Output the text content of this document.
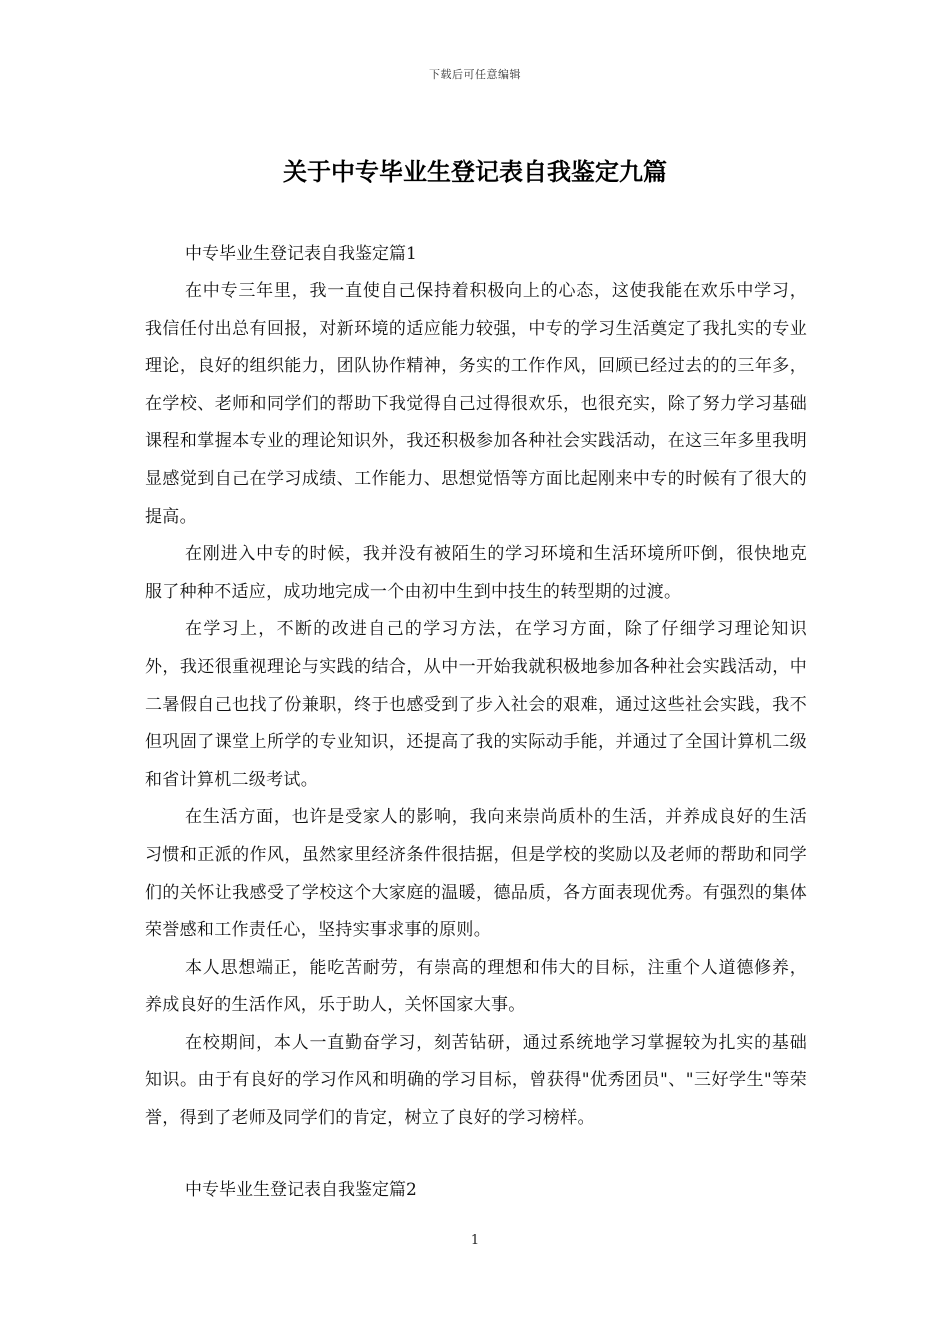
下载后可任意编辑
关于中专毕业生登记表自我鉴定九篇

中专毕业生登记表自我鉴定篇1

在中专三年里，我一直使自己保持着积极向上的心态，这使我能在欢乐中学习，我信任付出总有回报，对新环境的适应能力较强，中专的学习生活奠定了我扎实的专业理论，良好的组织能力，团队协作精神，务实的工作作风，回顾已经过去的的三年多，在学校、老师和同学们的帮助下我觉得自己过得很欢乐，也很充实，除了努力学习基础课程和掌握本专业的理论知识外，我还积极参加各种社会实践活动，在这三年多里我明显感觉到自己在学习成绩、工作能力、思想觉悟等方面比起刚来中专的时候有了很大的提高。

在刚进入中专的时候，我并没有被陌生的学习环境和生活环境所吓倒，很快地克服了种种不适应，成功地完成一个由初中生到中技生的转型期的过渡。

在学习上，不断的改进自己的学习方法，在学习方面，除了仔细学习理论知识外，我还很重视理论与实践的结合，从中一开始我就积极地参加各种社会实践活动，中二暑假自己也找了份兼职，终于也感受到了步入社会的艰难，通过这些社会实践，我不但巩固了课堂上所学的专业知识，还提高了我的实际动手能，并通过了全国计算机二级和省计算机二级考试。

在生活方面，也许是受家人的影响，我向来崇尚质朴的生活，并养成良好的生活习惯和正派的作风，虽然家里经济条件很拮据，但是学校的奖励以及老师的帮助和同学们的关怀让我感受了学校这个大家庭的温暖，德品质，各方面表现优秀。有强烈的集体荣誉感和工作责任心，坚持实事求事的原则。

本人思想端正，能吃苦耐劳，有崇高的理想和伟大的目标，注重个人道德修养，养成良好的生活作风，乐于助人，关怀国家大事。

在校期间，本人一直勤奋学习，刻苦钻研，通过系统地学习掌握较为扎实的基础知识。由于有良好的学习作风和明确的学习目标，曾获得"优秀团员"、"三好学生"等荣誉，得到了老师及同学们的肯定，树立了良好的学习榜样。

中专毕业生登记表自我鉴定篇2

1
